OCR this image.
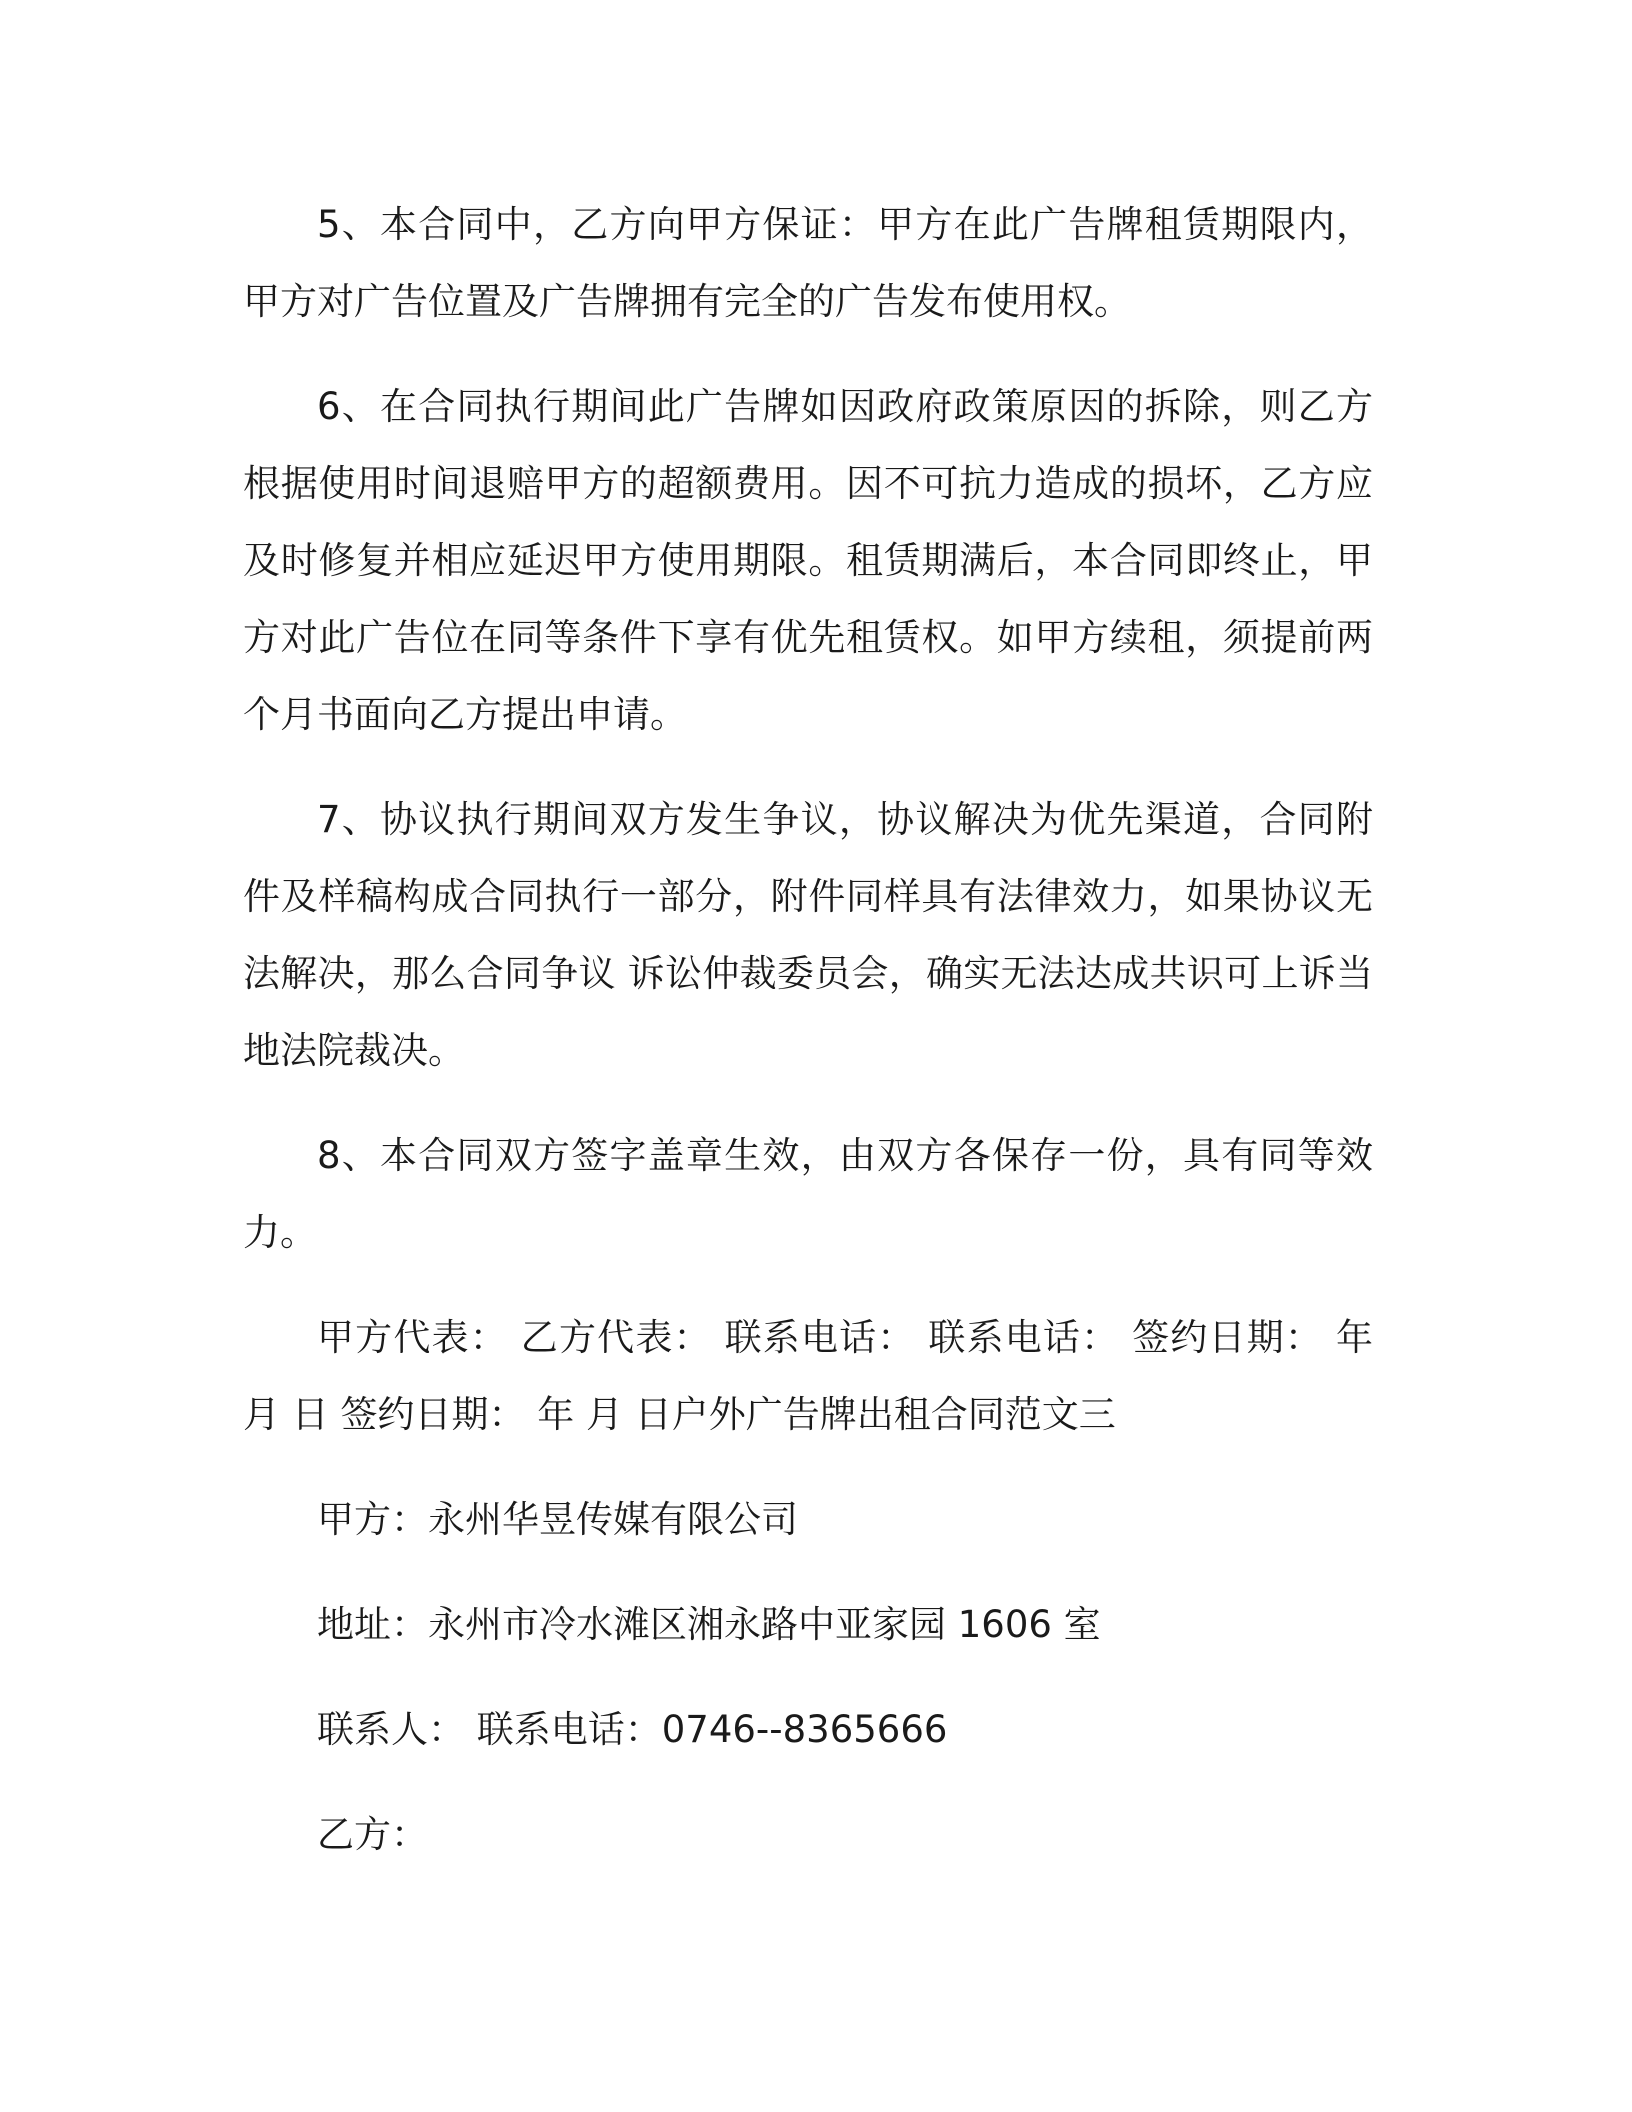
5、本合同中，乙方向甲方保证：甲方在此广告牌租赁期限内，甲方对广告位置及广告牌拥有完全的广告发布使用权。

6、在合同执行期间此广告牌如因政府政策原因的拆除，则乙方根据使用时间退赔甲方的超额费用。因不可抗力造成的损坏，乙方应及时修复并相应延迟甲方使用期限。租赁期满后，本合同即终止，甲方对此广告位在同等条件下享有优先租赁权。如甲方续租，须提前两个月书面向乙方提出申请。

7、协议执行期间双方发生争议，协议解决为优先渠道，合同附件及样稿构成合同执行一部分，附件同样具有法律效力，如果协议无法解决，那么合同争议 诉讼仲裁委员会，确实无法达成共识可上诉当地法院裁决。

8、本合同双方签字盖章生效，由双方各保存一份，具有同等效力。

甲方代表： 乙方代表： 联系电话： 联系电话： 签约日期： 年月 日 签约日期： 年 月 日户外广告牌出租合同范文三

甲方：永州华昱传媒有限公司

地址：永州市冷水滩区湘永路中亚家园 1606 室

联系人： 联系电话：0746--8365666

乙方：
